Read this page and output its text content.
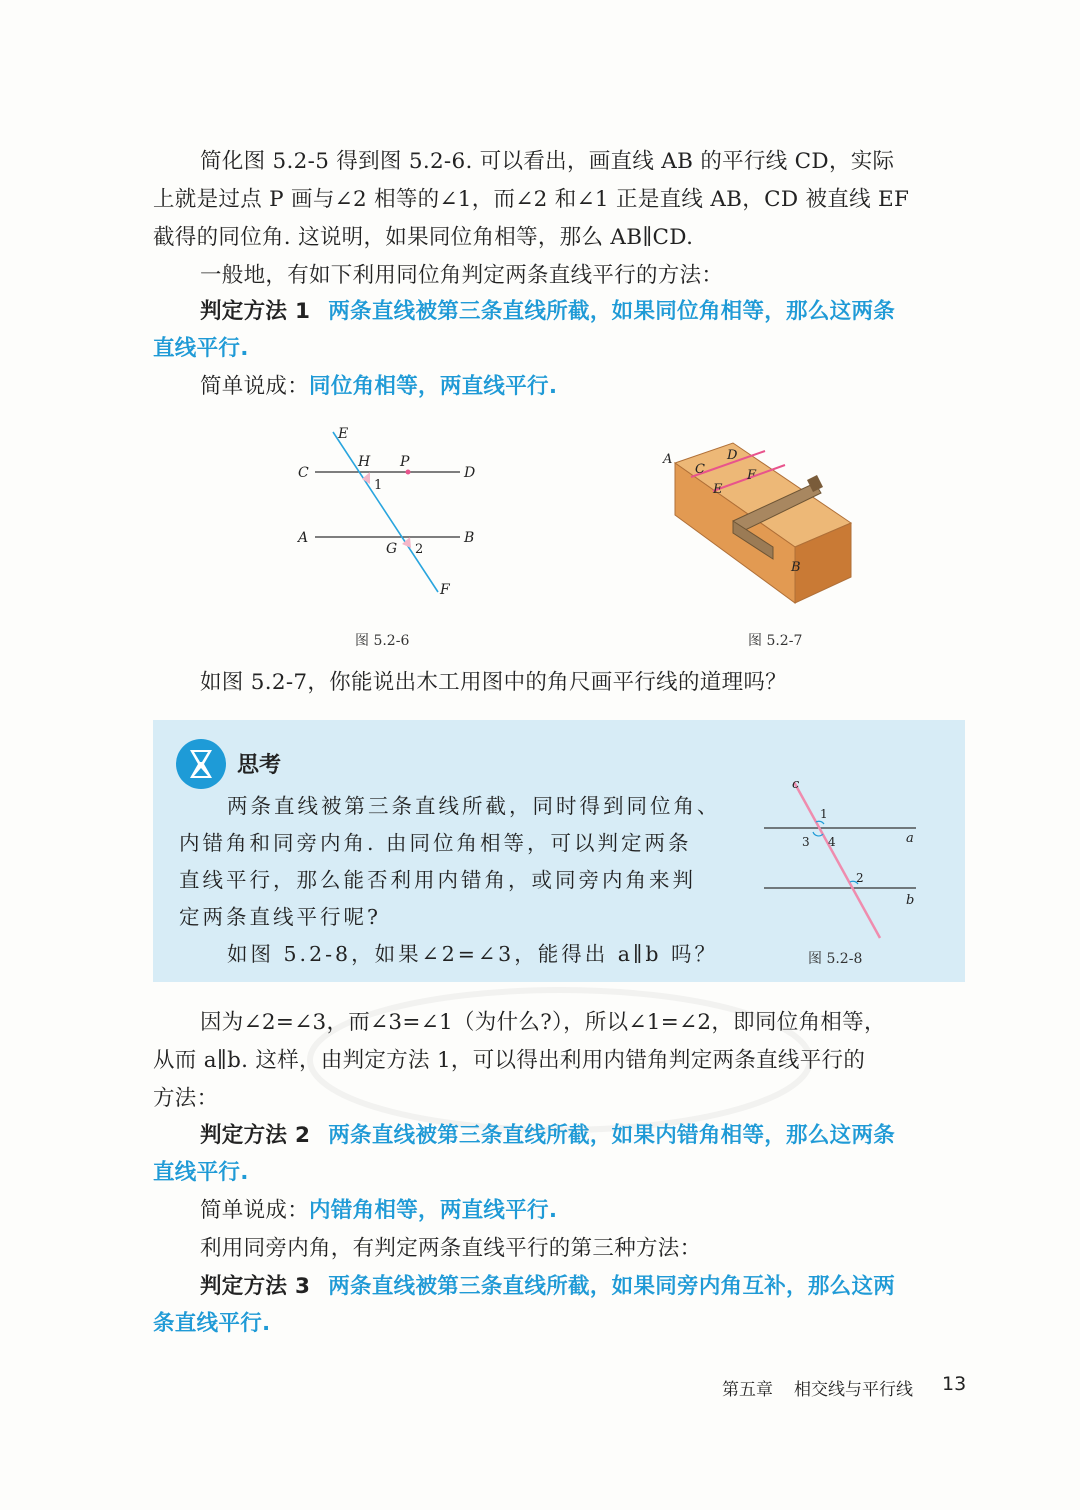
简化图 5.2-5 得到图 5.2-6. 可以看出，画直线 AB 的平行线 CD，实际
上就是过点 P 画与∠2 相等的∠1，而∠2 和∠1 正是直线 AB，CD 被直线 EF
截得的同位角. 这说明，如果同位角相等，那么 AB∥CD.
一般地，有如下利用同位角判定两条直线平行的方法：
判定方法 1 两条直线被第三条直线所截，如果同位角相等，那么这两条
直线平行.
简单说成：同位角相等，两直线平行.
E
C
H P
D
A
G
B
F
1
2
图 5.2-6
A
C
D
E
F
B
图 5.2-7
如图 5.2-7，你能说出木工用图中的角尺画平行线的道理吗？
思考
两条直线被第三条直线所截，同时得到同位角、
内错角和同旁内角. 由同位角相等，可以判定两条
直线平行，那么能否利用内错角，或同旁内角来判
定两条直线平行呢?
如图 5.2-8，如果∠2=∠3，能得出 a∥b 吗？
c
a
b
1
3 4
2
图 5.2-8
因为∠2=∠3，而∠3=∠1（为什么?），所以∠1=∠2，即同位角相等，
从而 a∥b. 这样，由判定方法 1，可以得出利用内错角判定两条直线平行的
方法：
判定方法 2 两条直线被第三条直线所截，如果内错角相等，那么这两条
直线平行.
简单说成：内错角相等，两直线平行.
利用同旁内角，有判定两条直线平行的第三种方法：
判定方法 3 两条直线被第三条直线所截，如果同旁内角互补，那么这两
条直线平行.
第五章 相交线与平行线 13
